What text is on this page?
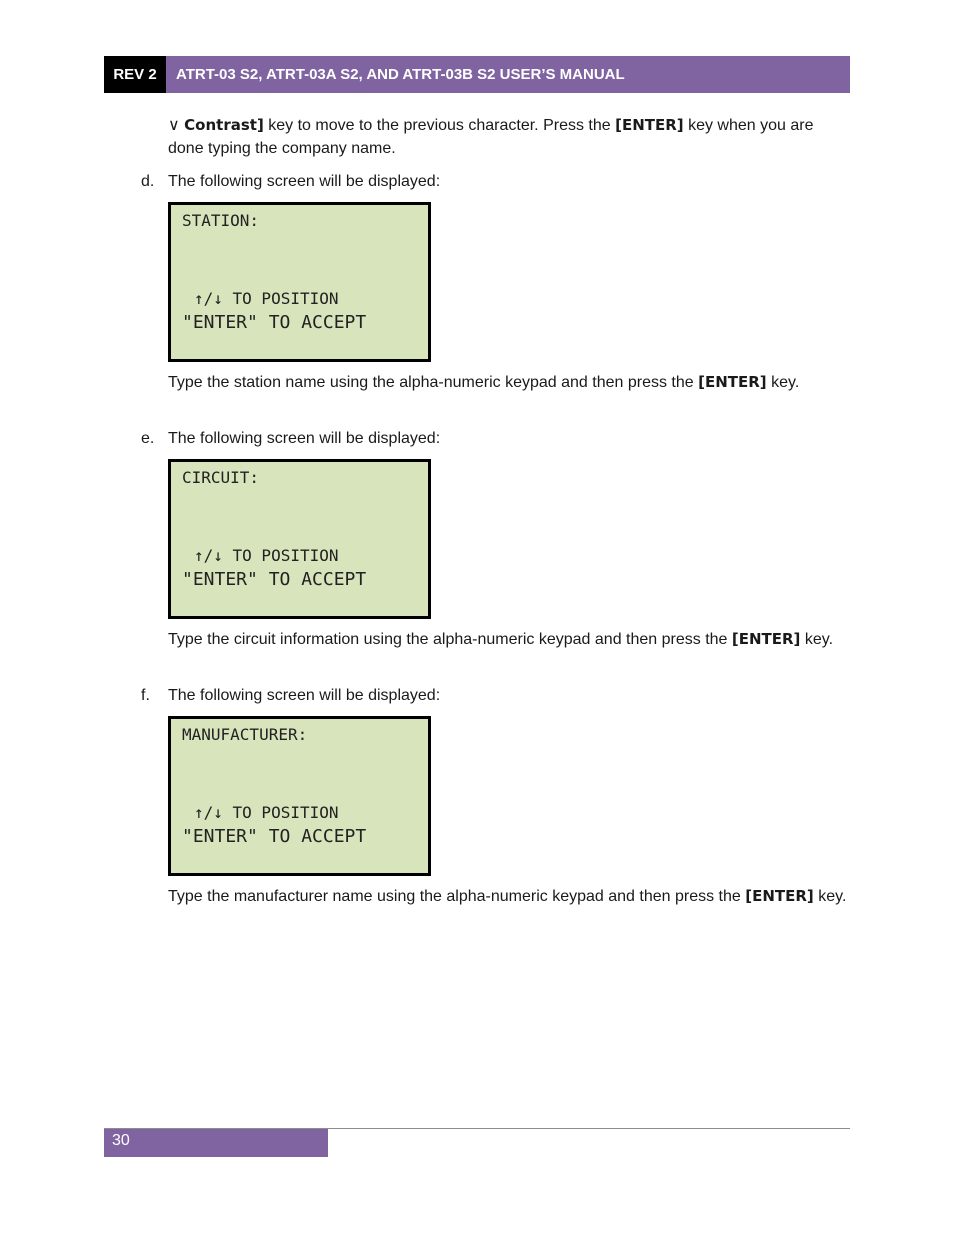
REV 2	ATRT-03 S2, ATRT-03A S2, AND ATRT-03B S2 USER’S MANUAL

∨ Contrast] key to move to the previous character. Press the [ENTER] key when you are done typing the company name.

d. The following screen will be displayed:

STATION:
↑/↓ TO POSITION
"ENTER" TO ACCEPT

Type the station name using the alpha-numeric keypad and then press the [ENTER] key.

e. The following screen will be displayed:

CIRCUIT:
↑/↓ TO POSITION
"ENTER" TO ACCEPT

Type the circuit information using the alpha-numeric keypad and then press the [ENTER] key.

f. The following screen will be displayed:

MANUFACTURER:
↑/↓ TO POSITION
"ENTER" TO ACCEPT

Type the manufacturer name using the alpha-numeric keypad and then press the [ENTER] key.

30
